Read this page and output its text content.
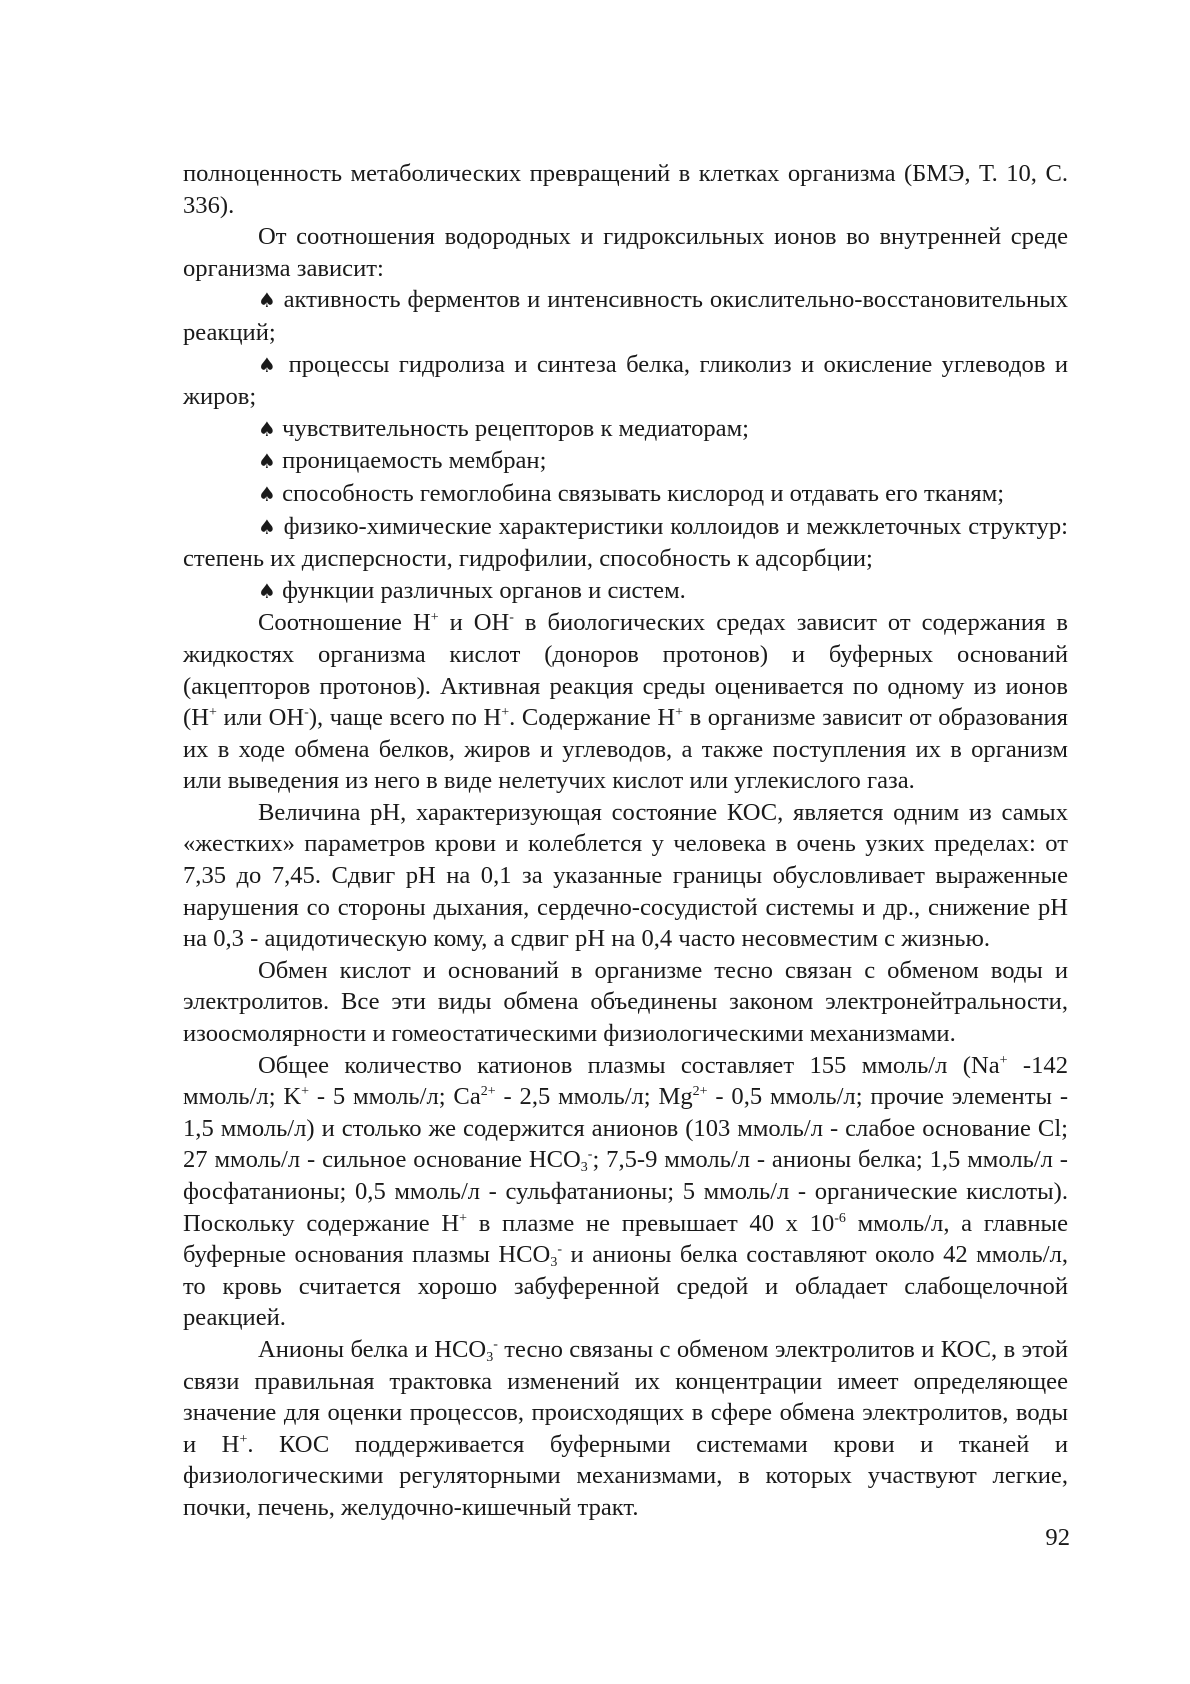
полноценность метаболических превращений в клетках организма (БМЭ, Т. 10, С. 336).

От соотношения водородных и гидроксильных ионов во внутренней среде организма зависит:

♠ активность ферментов и интенсивность окислительно-восстановительных реакций;

♠ процессы гидролиза и синтеза белка, гликолиз и окисление углеводов и жиров;

♠ чувствительность рецепторов к медиаторам;

♠ проницаемость мембран;

♠ способность гемоглобина связывать кислород и отдавать его тканям;

♠ физико-химические характеристики коллоидов и межклеточных структур: степень их дисперсности, гидрофилии, способность к адсорбции;

♠ функции различных органов и систем.

Соотношение H+ и OH- в биологических средах зависит от содержания в жидкостях организма кислот (доноров протонов) и буферных оснований (акцепторов протонов). Активная реакция среды оценивается по одному из ионов (H+ или OH-), чаще всего по H+. Содержание H+ в организме зависит от образования их в ходе обмена белков, жиров и углеводов, а также поступления их в организм или выведения из него в виде нелетучих кислот или углекислого газа.

Величина pH, характеризующая состояние КОС, является одним из самых «жестких» параметров крови и колеблется у человека в очень узких пределах: от 7,35 до 7,45. Сдвиг pH на 0,1 за указанные границы обусловливает выраженные нарушения со стороны дыхания, сердечно-сосудистой системы и др., снижение pH на 0,3 - ацидотическую кому, а сдвиг pH на 0,4 часто несовместим с жизнью.

Обмен кислот и оснований в организме тесно связан с обменом воды и электролитов. Все эти виды обмена объединены законом электронейтральности, изоосмолярности и гомеостатическими физиологическими механизмами.

Общее количество катионов плазмы составляет 155 ммоль/л (Na+ -142 ммоль/л; K+ - 5 ммоль/л; $Ca^{2+} - 2,5$ ммоль/л; $Mg^{2+} - 0,5$ ммоль/л; прочие элементы - 1,5 ммоль/л) и столько же содержится анионов (103 ммоль/л - слабое основание Cl; 27 ммоль/л - сильное основание $HCO_3^-$; 7,5-9 ммоль/л - анионы белка; 1,5 ммоль/л - фосфатанионы; 0,5 ммоль/л - сульфатанионы; 5 ммоль/л - органические кислоты). Поскольку содержание H+ в плазме не превышает 40 x $10^{-6}$ ммоль/л, а главные буферные основания плазмы $HCO_3^-$ и анионы белка составляют около 42 ммоль/л, то кровь считается хорошо забуференной средой и обладает слабощелочной реакцией.

Анионы белка и $HCO_3^-$ тесно связаны с обменом электролитов и КОС, в этой связи правильная трактовка изменений их концентрации имеет определяющее значение для оценки процессов, происходящих в сфере обмена электролитов, воды и H+. КОС поддерживается буферными системами крови и тканей и физиологическими регуляторными механизмами, в которых участвуют легкие, почки, печень, желудочно-кишечный тракт.

92
